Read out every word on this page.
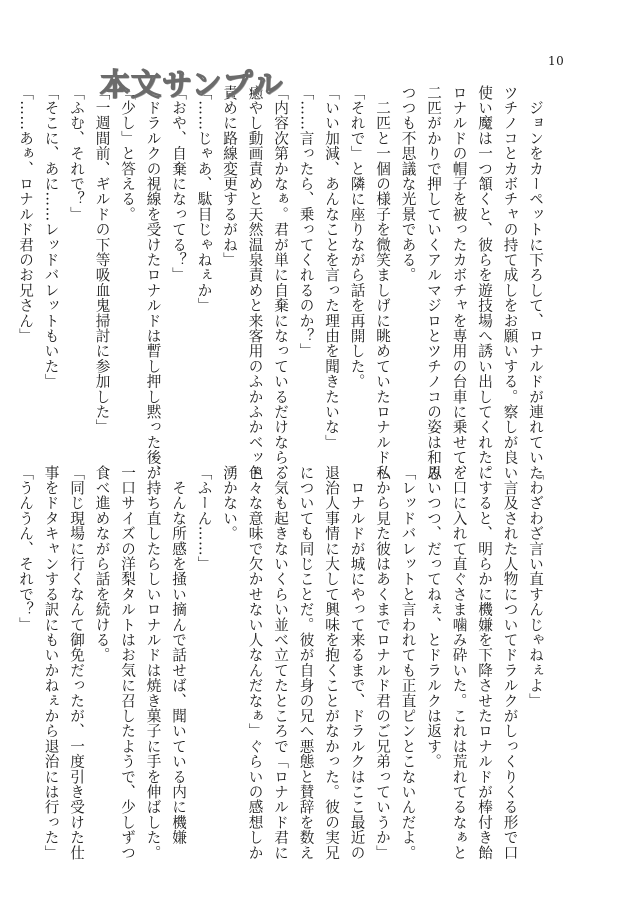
10
本文サンプル	　ジョンをカーペットに下ろして、ロナルドが連れていた
ツチノコとカボチャの持て成しをお願いする。察しが良い
使い魔は一つ頷くと、彼らを遊技場へ誘い出してくれた。
ロナルドの帽子を被ったカボチャを専用の台車に乗せて、
二匹がかりで押していくアルマジロとツチノコの姿は和み
つつも不思議な光景である。
　二匹と一個の様子を微笑ましげに眺めていたロナルドへ
「それで」と隣に座りながら話を再開した。
「いい加減、あんなことを言った理由を聞きたいな」
「……言ったら、乗ってくれるのか？」
「内容次第かなぁ。君が単に自棄になっているだけなら、
癒やし動画責めと天然温泉責めと来客用のふかふかベッド
責めに路線変更するがね」
「……じゃあ、駄目じゃねぇか」
「おや、自棄になってる？」
　ドラルクの視線を受けたロナルドは暫し押し黙った後、
「少し」と答える。
「一週間前、ギルドの下等吸血鬼掃討に参加した」
「ふむ、それで？」
「そこに、あに……レッドバレットもいた」
「……あぁ、ロナルド君のお兄さん」
「わざわざ言い直すんじゃねぇよ」
　言及された人物についてドラルクがしっくりくる形で口
にすると、明らかに機嫌を下降させたロナルドが棒付き飴
を口に入れて直ぐさま噛み砕いた。これは荒れてるなぁと
思いつつ、だってねぇ、とドラルクは返す。
「レッドバレットと言われても正直ピンとこないんだよ。
私から見た彼はあくまでロナルド君のご兄弟っていうか」
　ロナルドが城にやって来るまで、ドラルクはここ最近の
退治人事情に大して興味を抱くことがなかった。彼の実兄
についても同じことだ。彼が自身の兄へ悪態と賛辞を数え
る気も起きないくらい並べ立てたところで「ロナルド君に
色々な意味で欠かせない人なんだなぁ」ぐらいの感想しか
湧かない。
「ふーん……」
　そんな所感を掻い摘んで話せば、聞いている内に機嫌
が持ち直したらしいロナルドは焼き菓子に手を伸ばした。
一口サイズの洋梨タルトはお気に召したようで、少しずつ
食べ進めながら話を続ける。
「同じ現場に行くなんて御免だったが、一度引き受けた仕
事をドタキャンする訳にもいかねぇから退治には行った」
「うんうん、それで？」
